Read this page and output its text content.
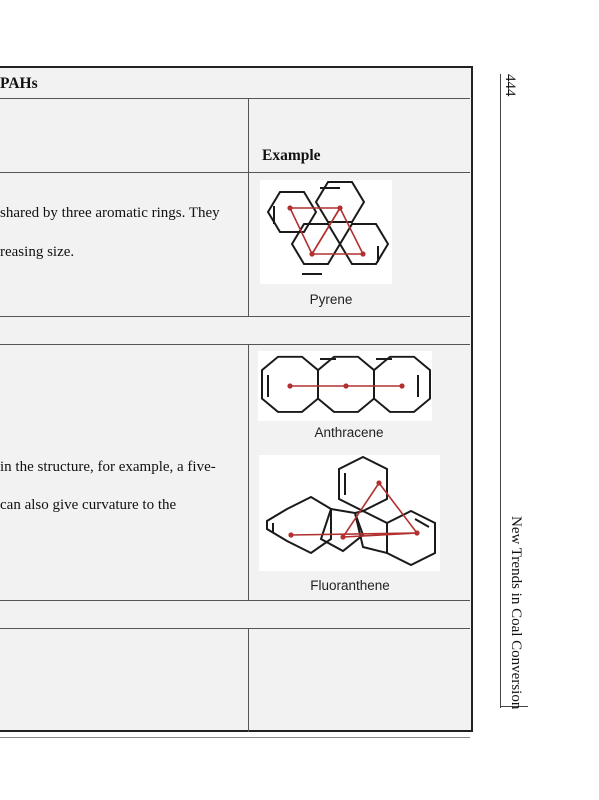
PAHs
Example
shared by three aromatic rings. They
reasing size.
in the structure, for example, a five-
can also give curvature to the
Pyrene
Anthracene
Fluoranthene
444
New Trends in Coal Conversion
